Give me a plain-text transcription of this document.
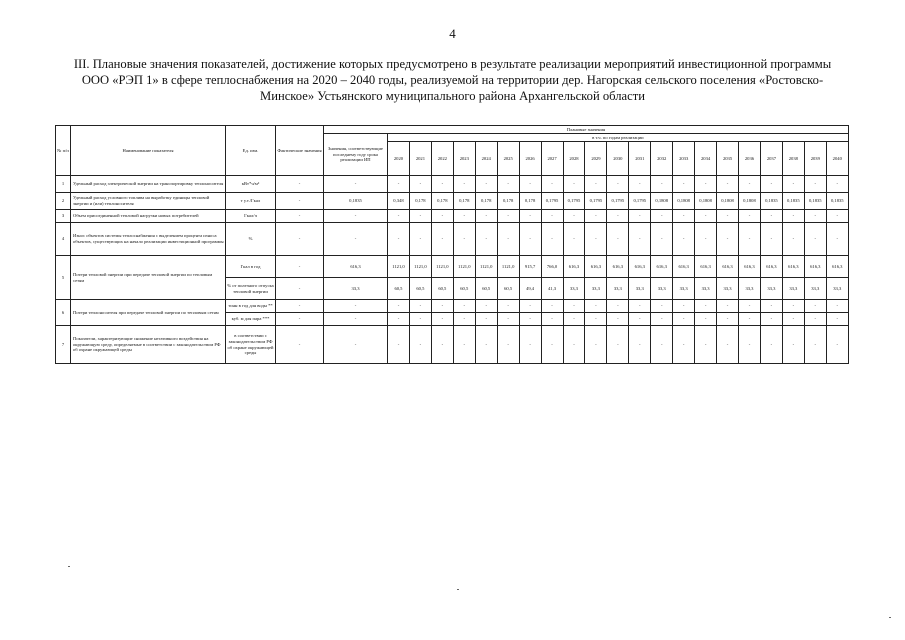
4
III. Плановые значения показателей, достижение которых предусмотрено в результате реализации мероприятий инвестиционной программы ООО «РЭП 1» в сфере теплоснабжения на 2020 – 2040 годы, реализуемой на территории дер. Нагорская сельского поселения «Ростовско-Минское» Устьянского муниципального района Архангельской области
№ п/п	Наименование показателя	Ед. изм.	Фактические значения	Плановые значения																					
				Значения, соответствующие последнему году срока реализации ИП	в т.ч. по годам реализации																				
					2020	2021	2022	2023	2024	2025	2026	2027	2028	2029	2030	2031	2032	2033	2034	2035	2036	2037	2038	2039	2040
1	Удельный расход электрической энергии на транспортировку теплоносителя	кВт*ч/м³	-	-	-	-	-	-	-	-	-	-	-	-	-	-	-	-	-	-	-	-	-	-	-
2	Удельный расход условного топлива на выработку единицы тепловой энергии и (или) теплоносителя	т у.т./Гкал	-	0,1835	0,348	0,178	0,178	0,178	0,178	0,178	0,178	0,1795	0,1795	0,1795	0,1795	0,1795	0,1808	0,1808	0,1808	0,1808	0,1808	0,1835	0,1835	0,1835	0,1835
3	Объем присоединенной тепловой нагрузки новых потребителей	Гкал/ч	-	-	-	-	-	-	-	-	-	-	-	-	-	-	-	-	-	-	-	-	-	-	-
4	Износ объектов системы теплоснабжения с выделением процента износа объектов, существующих на начало реализации инвестиционной программы	%	-	-	-	-	-	-	-	-	-	-	-	-	-	-	-	-	-	-	-	-	-	-	-
5	Потери тепловой энергии при передаче тепловой энергии по тепловым сетям	Гкал в год	-	616,3	1121,0	1121,0	1121,0	1121,0	1121,0	1121,0	915,7	766,0	616,3	616,3	616,3	616,3	616,3	616,3	616,3	616,3	616,3	616,3	616,3	616,3	616,3
		% от полезного отпуска тепловой энергии	-	33,3	60,5	60,5	60,5	60,5	60,5	60,5	49,4	41,3	33,3	33,3	33,3	33,3	33,3	33,3	33,3	33,3	33,3	33,3	33,3	33,3	33,3
6	Потери теплоносителя при передаче тепловой энергии по тепловым сетям	тонн в год для воды **	-	-	-	-	-	-	-	-	-	-	-	-	-	-	-	-	-	-	-	-	-	-	-
		куб. м для пара ***	-	-	-	-	-	-	-	-	-	-	-	-	-	-	-	-	-	-	-	-	-	-	-
7	Показатели, характеризующие снижение негативного воздействия на окружающую среду, определяемые в соответствии с законодательством РФ об охране окружающей среды	в соответствии с законодательством РФ об охране окружающей среды	-	-	-	-	-	-	-	-	-	-	-	-	-	-	-	-	-	-	-	-	-	-	-
